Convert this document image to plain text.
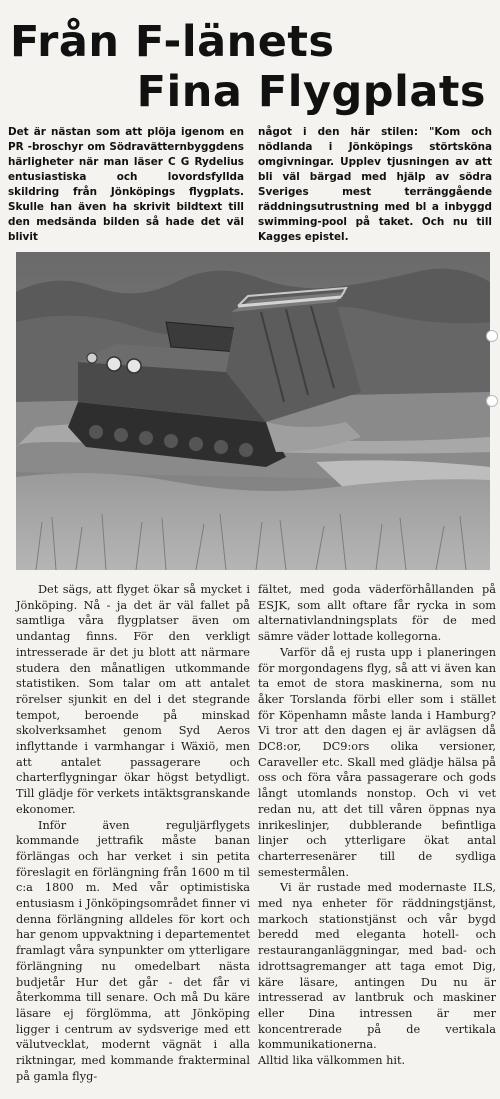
Från F-länets
Fina Flygplats
Det är nästan som att plöja igenom en PR -broschyr om Södravätternbyggdens härligheter när man läser C G Rydelius entusiastiska och lovordsfyllda skildring från Jönköpings flygplats. Skulle han även ha skrivit bildtext till den medsända bilden så hade det väl blivit
något i den här stilen: "Kom och nödlanda i Jönköpings störtsköna omgivningar. Upplev tjusningen av att bli väl bärgad med hjälp av södra Sveriges mest terränggående räddningsutrustning med bl a inbyggd swimming-pool på taket. Och nu till Kagges epistel.

Det sägs, att flyget ökar så mycket i Jönköping. Nå - ja det är väl fallet på samtliga våra flygplatser även om undantag finns. För den verkligt intresserade är det ju blott att närmare studera den månatligen utkommande statistiken. Som talar om att antalet rörelser sjunkit en del i det stegrande tempot, beroende på minskad skolverksamhet genom Syd Aeros inflyttande i varmhangar i Wäxiö, men att antalet passagerare och charterflygningar ökar högst betydligt. Till glädje för verkets intäktsgranskande ekonomer.

Inför även reguljärflygets kommande jettrafik måste banan förlängas och har verket i sin petita föreslagit en förlängning från 1600 m til c:a 1800 m. Med vår optimistiska entusiasm i Jönköpingsområdet finner vi denna förlängning alldeles för kort och har genom uppvaktning i departementet framlagt våra synpunkter om ytterligare förlängning nu omedelbart nästa budjetår Hur det går - det får vi återkomma till senare. Och må Du käre läsare ej förglömma, att Jönköping ligger i centrum av sydsverige med ett välutvecklat, modernt vägnät i alla riktningar, med kommande frakterminal på gamla flyg-

fältet, med goda väderförhållanden på ESJK, som allt oftare får rycka in som alternativlandningsplats för de med sämre väder lottade kollegorna.

Varför då ej rusta upp i planeringen för morgondagens flyg, så att vi även kan ta emot de stora maskinerna, som nu åker Torslanda förbi eller som i stället för Köpenhamn måste landa i Hamburg? Vi tror att den dagen ej är avlägsen då DC8:or, DC9:ors olika versioner, Caraveller etc. Skall med glädje hälsa på oss och föra våra passagerare och gods långt utomlands nonstop. Och vi vet redan nu, att det till våren öppnas nya inrikeslinjer, dubblerande befintliga linjer och ytterligare ökat antal charterresenärer till de sydliga semestermålen.

Vi är rustade med modernaste ILS, med nya enheter för räddningstjänst, markoch stationstjänst och vår bygd beredd med eleganta hotell- och restauranganläggningar, med bad- och idrottsagremanger att taga emot Dig, käre läsare, antingen Du nu är intresserad av lantbruk och maskiner eller Dina intressen är mer koncentrerade på de vertikala kommunikationerna.

Alltid lika välkommen hit.
